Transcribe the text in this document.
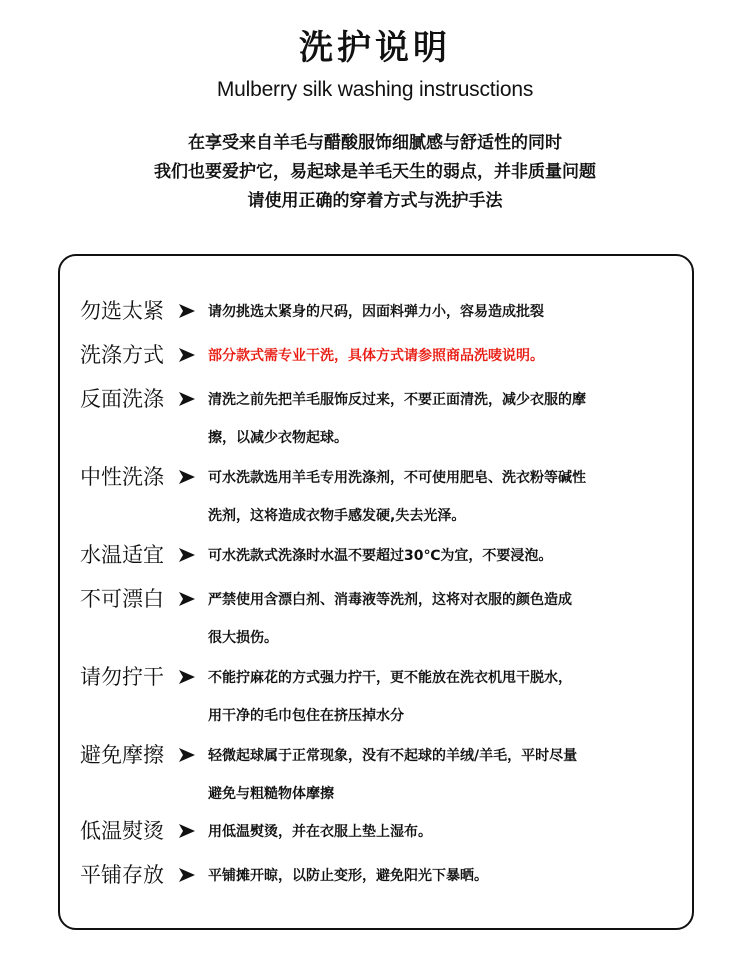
洗护说明
Mulberry silk washing instrusctions
在享受来自羊毛与醋酸服饰细腻感与舒适性的同时
我们也要爱护它，易起球是羊毛天生的弱点，并非质量问题
请使用正确的穿着方式与洗护手法
勿选太紧	请勿挑选太紧身的尺码，因面料弹力小，容易造成批裂
洗涤方式	部分款式需专业干洗，具体方式请参照商品洗唛说明。
反面洗涤	清洗之前先把羊毛服饰反过来，不要正面清洗，减少衣服的摩
擦，以减少衣物起球。
中性洗涤	可水洗款选用羊毛专用洗涤剂，不可使用肥皂、洗衣粉等碱性
洗剂，这将造成衣物手感发硬,失去光泽。
水温适宜	可水洗款式洗涤时水温不要超过30℃为宜，不要浸泡。
不可漂白	严禁使用含漂白剂、消毒液等洗剂，这将对衣服的颜色造成
很大损伤。
请勿拧干	不能拧麻花的方式强力拧干，更不能放在洗衣机甩干脱水，
用干净的毛巾包住在挤压掉水分
避免摩擦	轻微起球属于正常现象，没有不起球的羊绒/羊毛，平时尽量
避免与粗糙物体摩擦
低温熨烫	用低温熨烫，并在衣服上垫上湿布。
平铺存放	平铺摊开晾，以防止变形，避免阳光下暴晒。
